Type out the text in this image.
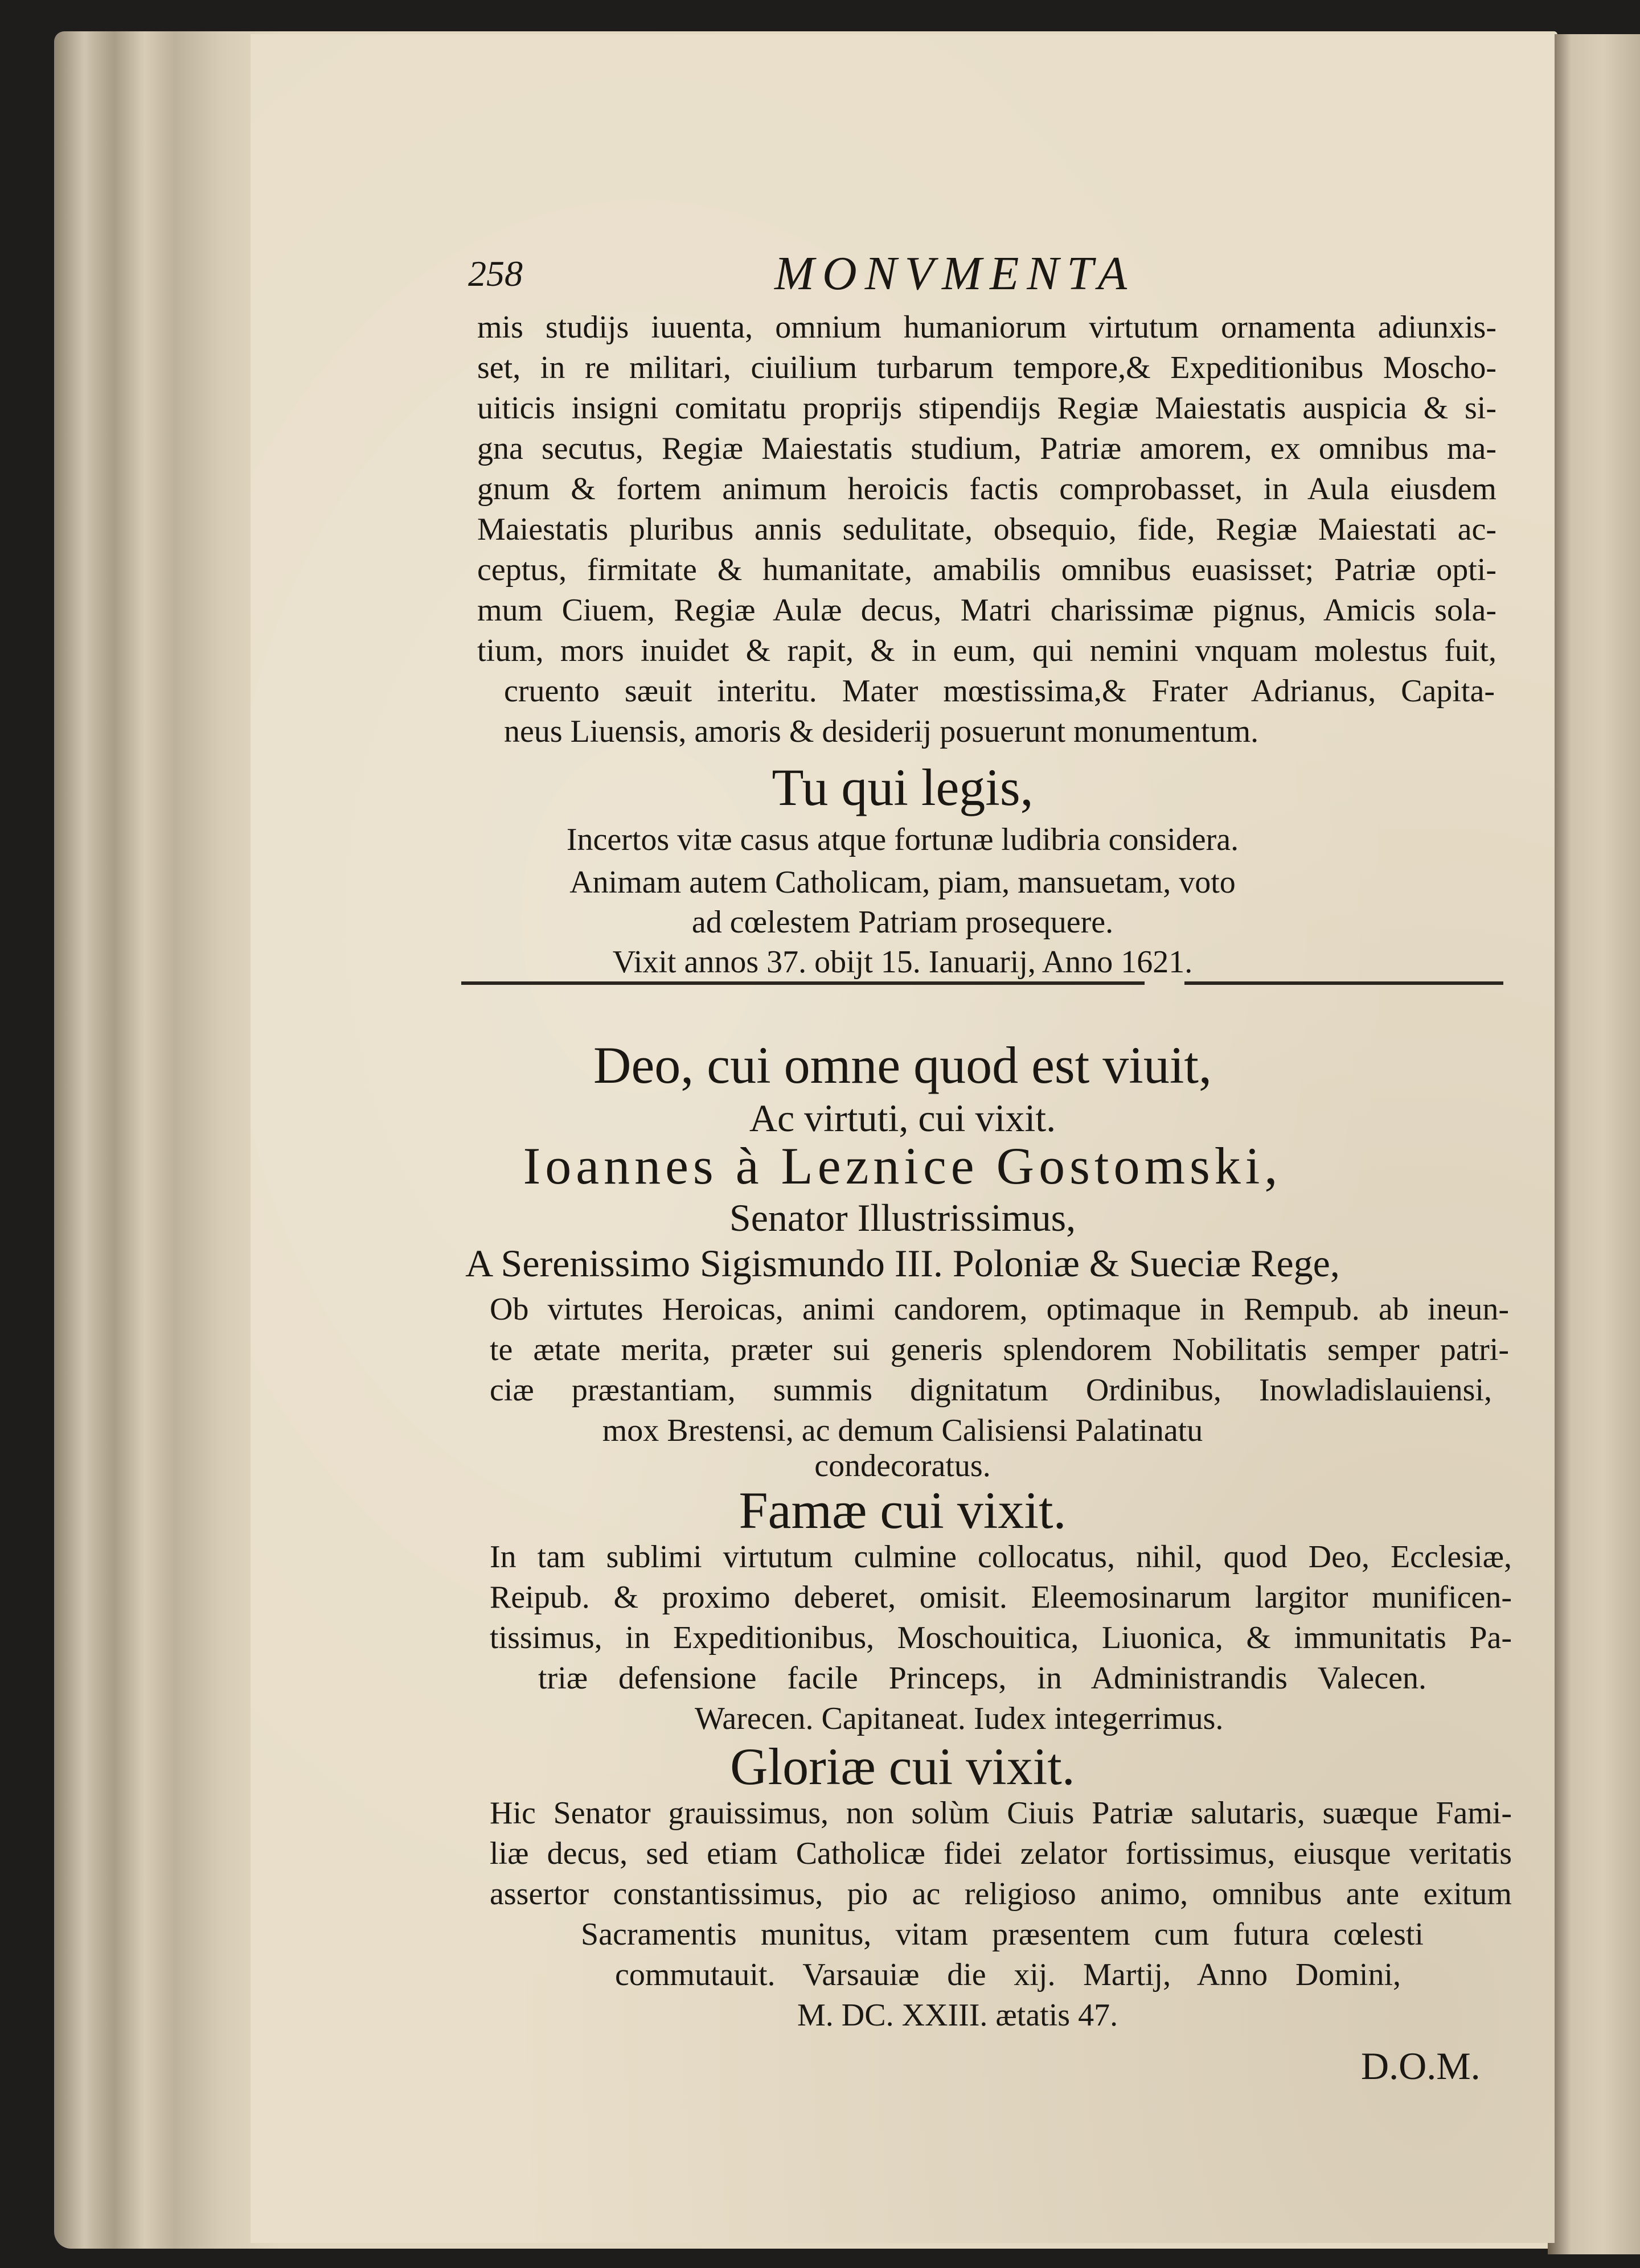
258	MONVMENTA
mis studijs iuuenta, omnium humaniorum virtutum ornamenta adiunxis-
set, in re militari, ciuilium turbarum tempore,& Expeditionibus Moscho-
uiticis insigni comitatu proprijs stipendijs Regiæ Maiestatis auspicia & si-
gna secutus, Regiæ Maiestatis studium, Patriæ amorem, ex omnibus ma-
gnum & fortem animum heroicis factis comprobasset, in Aula eiusdem
Maiestatis pluribus annis sedulitate, obsequio, fide, Regiæ Maiestati ac-
ceptus, firmitate & humanitate, amabilis omnibus euasisset; Patriæ opti-
mum Ciuem, Regiæ Aulæ decus, Matri charissimæ pignus, Amicis sola-
tium, mors inuidet & rapit, & in eum, qui nemini vnquam molestus fuit,
cruento sæuit interitu. Mater mœstissima,& Frater Adrianus, Capita-
neus Liuensis, amoris & desiderij posuerunt monumentum.
Tu qui legis,
Incertos vitæ casus atque fortunæ ludibria considera.
Animam autem Catholicam, piam, mansuetam, voto
ad cœlestem Patriam prosequere.
Vixit annos 37. obijt 15. Ianuarij, Anno 1621.
Deo, cui omne quod est viuit,
Ac virtuti, cui vixit.
Ioannes à Leznice Gostomski,
Senator Illustrissimus,
A Serenissimo Sigismundo III. Poloniæ & Sueciæ Rege,
Ob virtutes Heroicas, animi candorem, optimaque in Rempub. ab ineun-
te ætate merita, præter sui generis splendorem Nobilitatis semper patri-
ciæ præstantiam, summis dignitatum Ordinibus, Inowladislauiensi,
mox Brestensi, ac demum Calisiensi Palatinatu
condecoratus.
Famæ cui vixit.
In tam sublimi virtutum culmine collocatus, nihil, quod Deo, Ecclesiæ,
Reipub. & proximo deberet, omisit. Eleemosinarum largitor munificen-
tissimus, in Expeditionibus, Moschouitica, Liuonica, & immunitatis Pa-
triæ defensione facile Princeps, in Administrandis Valecen.
Warecen. Capitaneat. Iudex integerrimus.
Gloriæ cui vixit.
Hic Senator grauissimus, non solùm Ciuis Patriæ salutaris, suæque Fami-
liæ decus, sed etiam Catholicæ fidei zelator fortissimus, eiusque veritatis
assertor constantissimus, pio ac religioso animo, omnibus ante exitum
Sacramentis munitus, vitam præsentem cum futura cœlesti
commutauit. Varsauiæ die xij. Martij, Anno Domini,
M. DC. XXIII. ætatis 47.
D.O.M.
